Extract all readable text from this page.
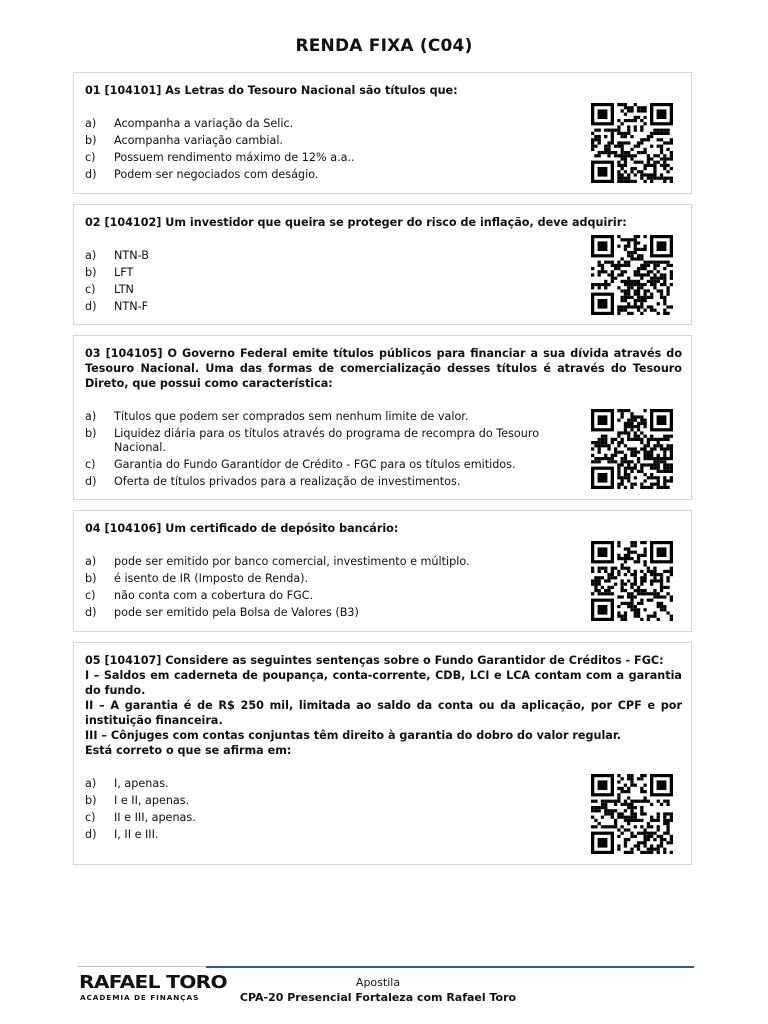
RENDA FIXA (C04)
01 [104101] As Letras do Tesouro Nacional são títulos que:
a)	Acompanha a variação da Selic.
b)	Acompanha variação cambial.
c)	Possuem rendimento máximo de 12% a.a..
d)	Podem ser negociados com deságio.
02 [104102] Um investidor que queira se proteger do risco de inflação, deve adquirir:
a)	NTN-B
b)	LFT
c)	LTN
d)	NTN-F
03 [104105] O Governo Federal emite títulos públicos para financiar a sua dívida através do Tesouro Nacional. Uma das formas de comercialização desses títulos é através do Tesouro Direto, que possui como característica:
a)	Títulos que podem ser comprados sem nenhum limite de valor.
b)	Liquidez diária para os títulos através do programa de recompra do Tesouro Nacional.
c)	Garantia do Fundo Garantidor de Crédito - FGC para os títulos emitidos.
d)	Oferta de títulos privados para a realização de investimentos.
04 [104106] Um certificado de depósito bancário:
a)	pode ser emitido por banco comercial, investimento e múltiplo.
b)	é isento de IR (Imposto de Renda).
c)	não conta com a cobertura do FGC.
d)	pode ser emitido pela Bolsa de Valores (B3)
05 [104107] Considere as seguintes sentenças sobre o Fundo Garantidor de Créditos - FGC:
I – Saldos em caderneta de poupança, conta-corrente, CDB, LCI e LCA contam com a garantia do fundo.
II – A garantia é de R$ 250 mil, limitada ao saldo da conta ou da aplicação, por CPF e por instituição financeira.
III – Cônjuges com contas conjuntas têm direito à garantia do dobro do valor regular.
Está correto o que se afirma em:
a)	I, apenas.
b)	I e II, apenas.
c)	II e III, apenas.
d)	I, II e III.
RAFAEL TORO
ACADEMIA DE FINANÇAS
Apostila
CPA-20 Presencial Fortaleza com Rafael Toro
